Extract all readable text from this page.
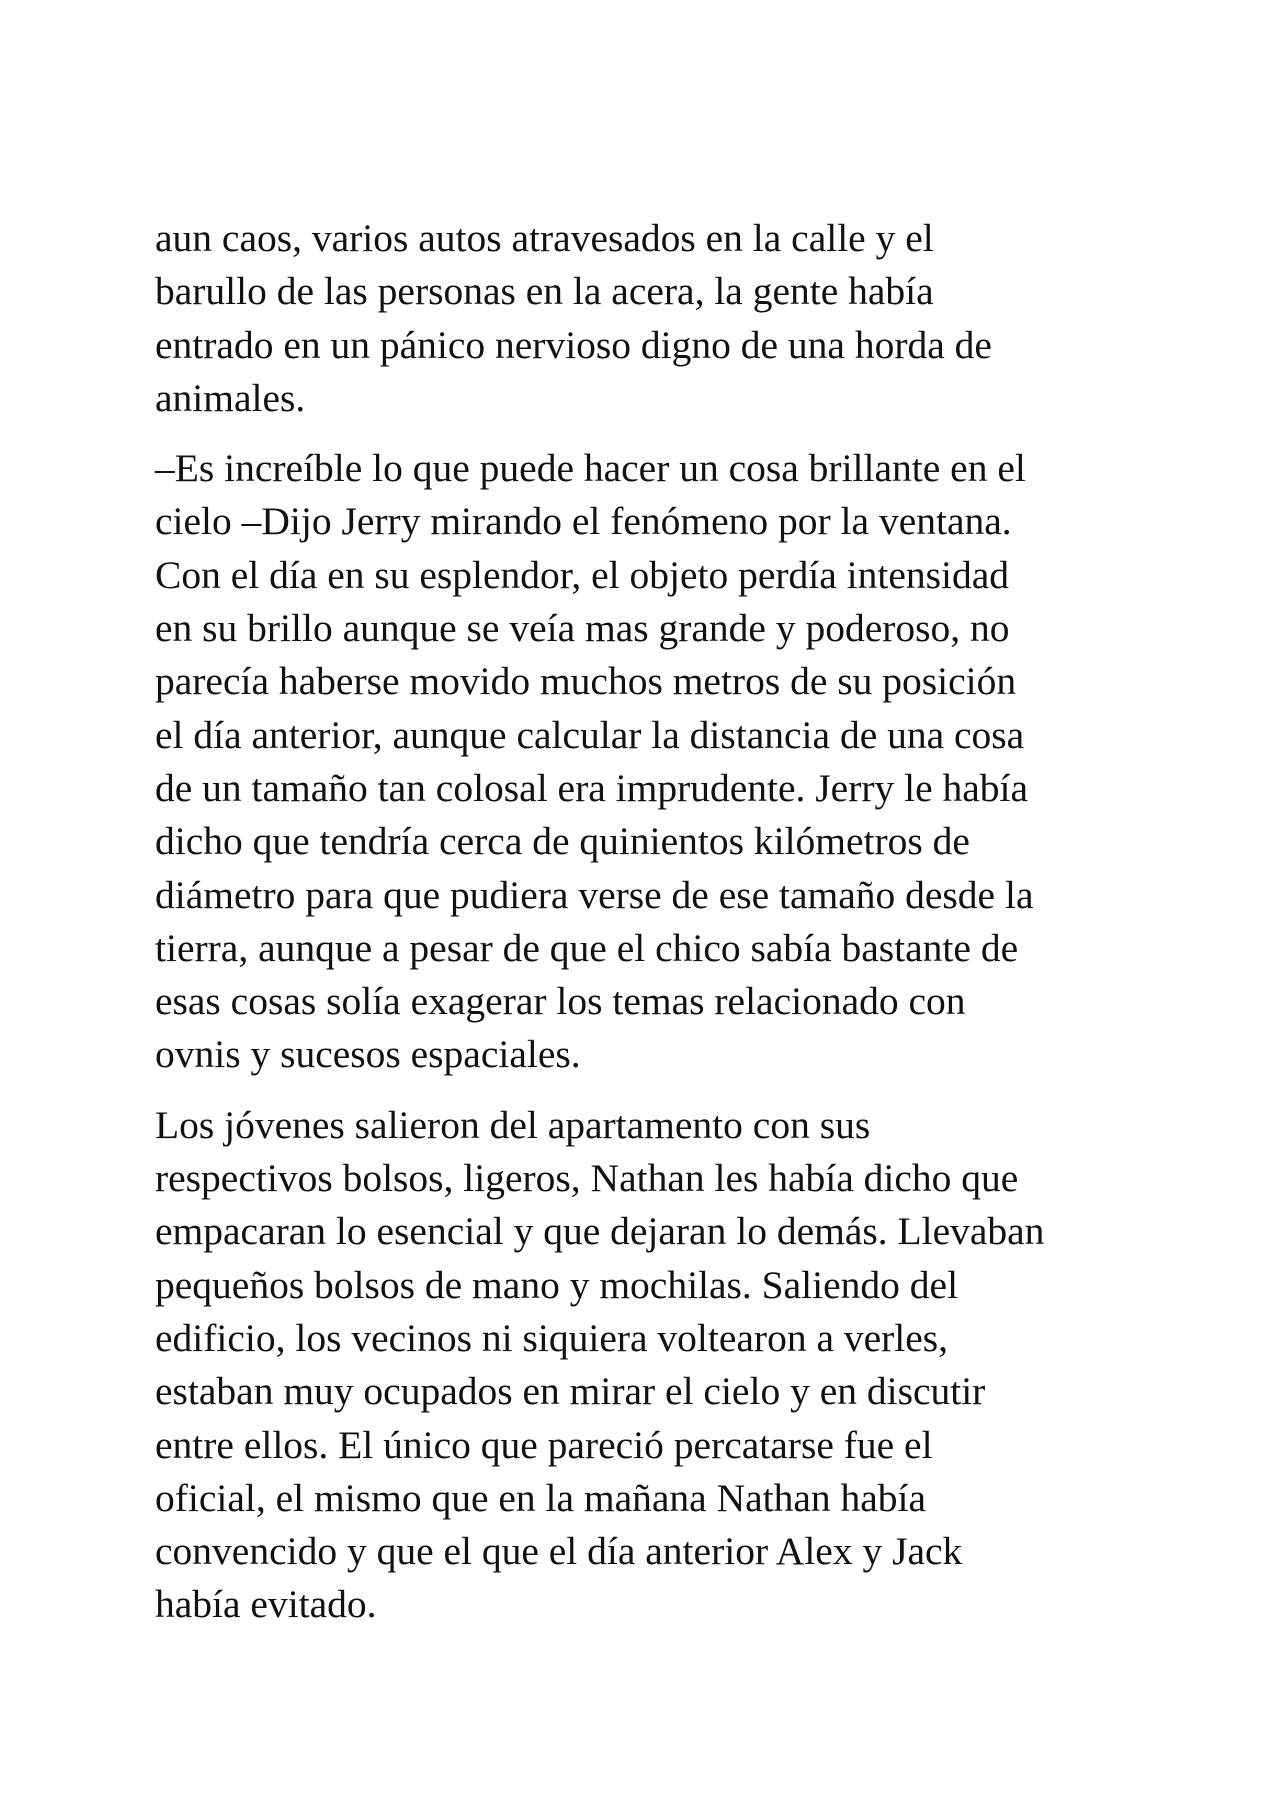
aun caos, varios autos atravesados en la calle y el
barullo de las personas en la acera, la gente había
entrado en un pánico nervioso digno de una horda de
animales.

–Es increíble lo que puede hacer un cosa brillante en el
cielo –Dijo Jerry mirando el fenómeno por la ventana.
Con el día en su esplendor, el objeto perdía intensidad
en su brillo aunque se veía mas grande y poderoso, no
parecía haberse movido muchos metros de su posición
el día anterior, aunque calcular la distancia de una cosa
de un tamaño tan colosal era imprudente. Jerry le había
dicho que tendría cerca de quinientos kilómetros de
diámetro para que pudiera verse de ese tamaño desde la
tierra, aunque a pesar de que el chico sabía bastante de
esas cosas solía exagerar los temas relacionado con
ovnis y sucesos espaciales.

Los jóvenes salieron del apartamento con sus
respectivos bolsos, ligeros, Nathan les había dicho que
empacaran lo esencial y que dejaran lo demás. Llevaban
pequeños bolsos de mano y mochilas. Saliendo del
edificio, los vecinos ni siquiera voltearon a verles,
estaban muy ocupados en mirar el cielo y en discutir
entre ellos. El único que pareció percatarse fue el
oficial, el mismo que en la mañana Nathan había
convencido y que el que el día anterior Alex y Jack
había evitado.
